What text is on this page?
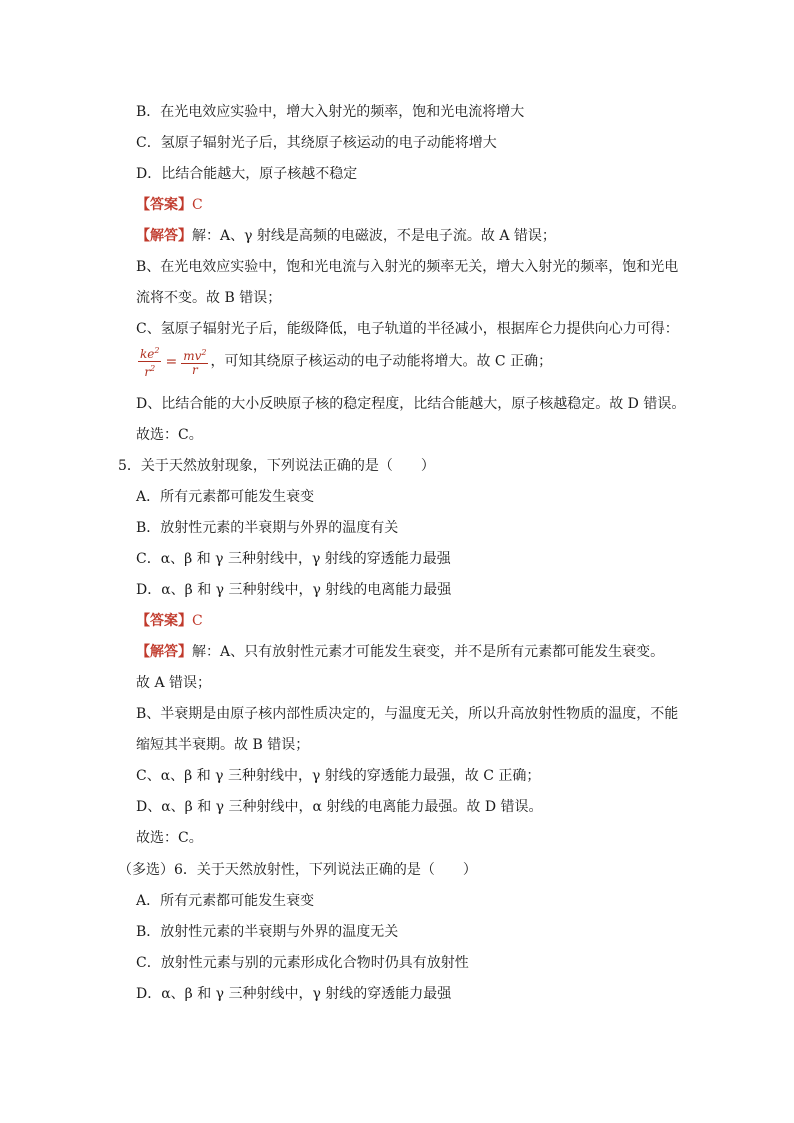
B．在光电效应实验中，增大入射光的频率，饱和光电流将增大
C．氢原子辐射光子后，其绕原子核运动的电子动能将增大
D．比结合能越大，原子核越不稳定
【答案】C
【解答】解：A、γ 射线是高频的电磁波，不是电子流。故 A 错误；
B、在光电效应实验中，饱和光电流与入射光的频率无关，增大入射光的频率，饱和光电
流将不变。故 B 错误；
C、氢原子辐射光子后，能级降低，电子轨道的半径减小，根据库仑力提供向心力可得：
$\frac{ke^2}{r^2} = \frac{mv^2}{r}$ ，可知其绕原子核运动的电子动能将增大。故 C 正确；
D、比结合能的大小反映原子核的稳定程度，比结合能越大，原子核越稳定。故 D 错误。
故选：C。
5．关于天然放射现象，下列说法正确的是（　　）
A．所有元素都可能发生衰变
B．放射性元素的半衰期与外界的温度有关
C．α、β 和 γ 三种射线中，γ 射线的穿透能力最强
D．α、β 和 γ 三种射线中，γ 射线的电离能力最强
【答案】C
【解答】解：A、只有放射性元素才可能发生衰变，并不是所有元素都可能发生衰变。
故 A 错误；
B、半衰期是由原子核内部性质决定的，与温度无关，所以升高放射性物质的温度，不能
缩短其半衰期。故 B 错误；
C、α、β 和 γ 三种射线中，γ 射线的穿透能力最强，故 C 正确；
D、α、β 和 γ 三种射线中，α 射线的电离能力最强。故 D 错误。
故选：C。
（多选）6．关于天然放射性，下列说法正确的是（　　）
A．所有元素都可能发生衰变
B．放射性元素的半衰期与外界的温度无关
C．放射性元素与别的元素形成化合物时仍具有放射性
D．α、β 和 γ 三种射线中，γ 射线的穿透能力最强
